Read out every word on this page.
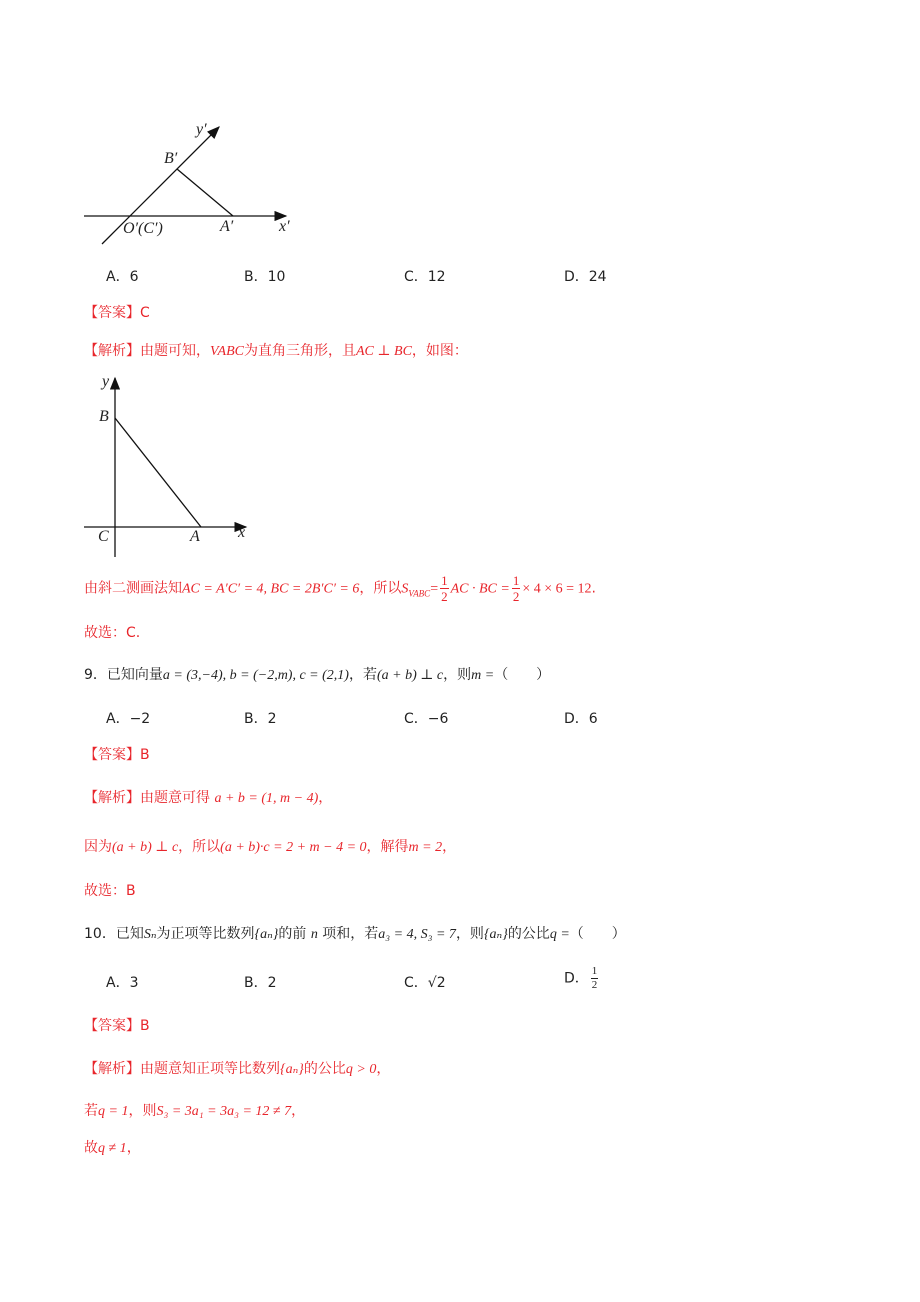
y′
B′
O′(C′)	A′	x′
A．6	B．10	C．12	D．24
【答案】C
【解析】由题可知，VABC为直角三角形，且AC ⊥ BC，如图：
y
B
C	A x
由斜二测画法知AC = A′C′ = 4, BC = 2B′C′ = 6，所以$S_{VABC}= \frac{1}{2}$ AC · BC = $\frac{1}{2} \times 4 \times 6 = 12$.
故选：C.
9．已知向量a = (3,−4), b = (−2,m), c = (2,1)，若(a + b) ⊥ c，则m =（　　）
A．−2	B．2	C．−6	D．6
【答案】B
【解析】由题意可得 a + b = (1, m − 4)，
因为(a + b) ⊥ c，所以(a + b)·c = 2 + m − 4 = 0，解得m = 2，
故选：B
10．已知Sₙ为正项等比数列{aₙ}的前 n 项和，若a₃ = 4, S₃ = 7，则{aₙ}的公比q =（　　）
A．3	B．2	C．√2	D． $\frac{1}{2}$
【答案】B
【解析】由题意知正项等比数列{aₙ}的公比q > 0，
若q = 1，则S₃ = 3a₁ = 3a₃ = 12 ≠ 7，
故q ≠ 1，
